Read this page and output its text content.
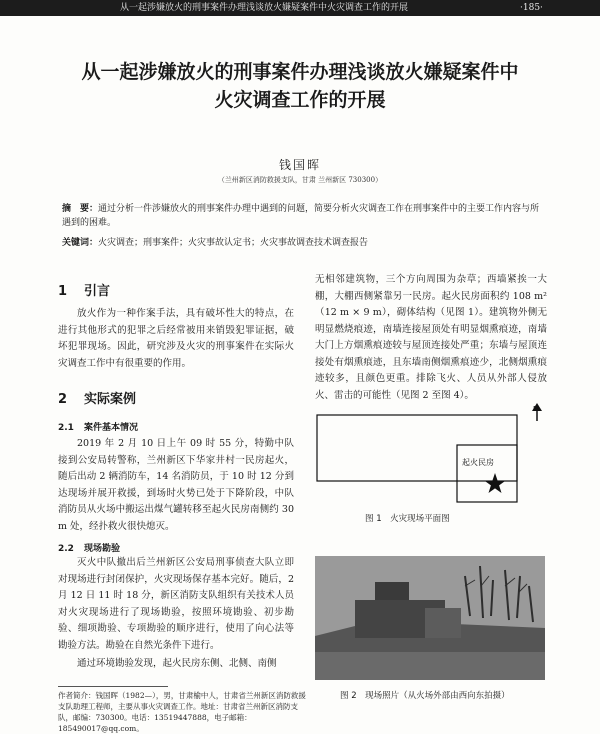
从一起涉嫌放火的刑事案件办理浅谈放火嫌疑案件中火灾调查工作的开展	·185·
从一起涉嫌放火的刑事案件办理浅谈放火嫌疑案件中
火灾调查工作的开展
钱国晖
（兰州新区消防救援支队，甘肃 兰州新区 730300）
摘　要：通过分析一件涉嫌放火的刑事案件办理中遇到的问题，简要分析火灾调查工作在刑事案件中的主要工作内容与所遇到的困难。
关键词：火灾调查；刑事案件；火灾事故认定书；火灾事故调查技术调查报告
1 引言
放火作为一种作案手法，具有破坏性大的特点，在进行其他形式的犯罪之后经常被用来销毁犯罪证据，破坏犯罪现场。因此，研究涉及火灾的刑事案件在实际火灾调查工作中有很重要的作用。
2 实际案例
2.1 案件基本情况
2019 年 2 月 10 日上午 09 时 55 分，特勤中队接到公安局转警称，兰州新区下华家井村一民房起火，随后出动 2 辆消防车，14 名消防员，于 10 时 12 分到达现场并展开救援，到场时火势已处于下降阶段，中队消防员从火场中搬运出煤气罐转移至起火民房南侧约 30 m 处，经扑救火很快熄灭。
2.2 现场勘验
灭火中队撤出后兰州新区公安局刑事侦查大队立即对现场进行封闭保护，火灾现场保存基本完好。随后，2 月 12 日 11 时 18 分，新区消防支队组织有关技术人员对火灾现场进行了现场勘验，按照环境勘验、初步勘验、细项勘验、专项勘验的顺序进行，使用了向心法等勘验方法。勘验在自然光条件下进行。
通过环境勘验发现，起火民房东侧、北侧、南侧
作者简介：钱国晖（1982—），男，甘肃榆中人，甘肃省兰州新区消防救援支队助理工程师，主要从事火灾调查工作。地址：甘肃省兰州新区消防支队，邮编：730300。电话：13519447888，电子邮箱：185490017@qq.com。
无相邻建筑物，三个方向周围为杂草；西墙紧挨一大棚，大棚西侧紧靠另一民房。起火民房面积约 108 m²（12 m × 9 m），砌体结构（见图 1）。建筑物外侧无明显燃烧痕迹，南墙连接屋顶处有明显烟熏痕迹，南墙大门上方烟熏痕迹较与屋顶连接处严重；东墙与屋顶连接处有烟熏痕迹，且东墙南侧烟熏痕迹少，北侧烟熏痕迹较多，且颜色更重。排除飞火、人员从外部人侵放火、雷击的可能性（见图 2 至图 4）。
起火民房
N
图 1　火灾现场平面图
图 2　现场照片（从火场外部由西向东拍摄）
